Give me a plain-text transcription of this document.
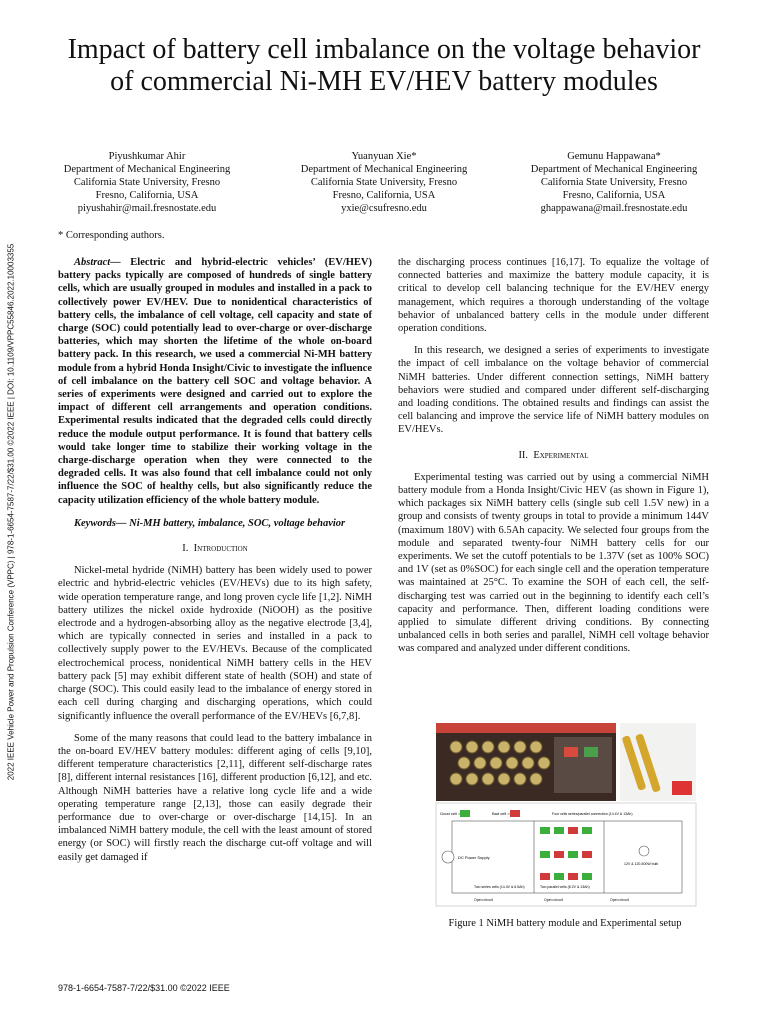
Impact of battery cell imbalance on the voltage behavior of commercial Ni-MH EV/HEV battery modules
Piyushkumar Ahir
Department of Mechanical Engineering
California State University, Fresno
Fresno, California, USA
piyushahir@mail.fresnostate.edu
Yuanyuan Xie*
Department of Mechanical Engineering
California State University, Fresno
Fresno, California, USA
yxie@csufresno.edu
Gemunu Happawana*
Department of Mechanical Engineering
California State University, Fresno
Fresno, California, USA
ghappawana@mail.fresnostate.edu
2022 IEEE Vehicle Power and Propulsion Conference (VPPC) | 978-1-6654-7587-7/22/$31.00 ©2022 IEEE | DOI: 10.1109/VPPC55846.2022.10003355
* Corresponding authors.

Abstract— Electric and hybrid-electric vehicles’ (EV/HEV) battery packs typically are composed of hundreds of single battery cells, which are usually grouped in modules and installed in a pack to collectively power EV/HEV. Due to nonidentical characteristics of battery cells, the imbalance of cell voltage, cell capacity and state of charge (SOC) could potentially lead to over-charge or over-discharge batteries, which may shorten the lifetime of the whole on-board battery pack. In this research, we used a commercial Ni-MH battery module from a hybrid Honda Insight/Civic to investigate the influence of cell imbalance on the battery cell SOC and voltage behavior. A series of experiments were designed and carried out to explore the impact of different cell arrangements and operation conditions. Experimental results indicated that the degraded cells could directly reduce the module output performance. It is found that battery cells would take longer time to stabilize their working voltage in the charge-discharge operation when they were connected to the degraded cells. It was also found that cell imbalance could not only influence the SOC of healthy cells, but also significantly reduce the capacity utilization efficiency of the whole battery module.

Keywords— Ni-MH battery, imbalance, SOC, voltage behavior

I. Introduction

Nickel-metal hydride (NiMH) battery has been widely used to power electric and hybrid-electric vehicles (EV/HEVs) due to its high safety, wide operation temperature range, and long proven cycle life [1,2]. NiMH battery utilizes the nickel oxide hydroxide (NiOOH) as the positive electrode and a hydrogen-absorbing alloy as the negative electrode [3,4], which are typically connected in series and installed in a pack to collectively supply power to the EV/HEVs. Because of the complicated electrochemical process, nonidentical NiMH battery cells in the HEV battery pack [5] may exhibit different state of health (SOH) and state of charge (SOC). This could easily lead to the imbalance of energy stored in each cell during charging and discharging operations, which could significantly influence the overall performance of the EV/HEVs [6,7,8].

Some of the many reasons that could lead to the battery imbalance in the on-board EV/HEV battery modules: different aging of cells [9,10], different temperature characteristics [2,11], different self-discharge rates [8], different internal resistances [16], different production [6,12], and etc. Although NiMH batteries have a relative long cycle life and a wide operating temperature range [2,13], those can easily degrade their performance due to over-charge or over-discharge [14,15]. In an imbalanced NiMH battery module, the cell with the least amount of stored energy (or SOC) will firstly reach the discharge cut-off voltage and will easily get damaged if

the discharging process continues [16,17]. To equalize the voltage of connected batteries and maximize the battery module capacity, it is critical to develop cell balancing technique for the EV/HEV energy management, which requires a thorough understanding of the voltage behavior of unbalanced battery cells in the module under different operation conditions.

In this research, we designed a series of experiments to investigate the impact of cell imbalance on the voltage behavior of commercial NiMH batteries. Under different connection settings, NiMH battery behaviors were studied and compared under different self-discharging and loading conditions. The obtained results and findings can assist the cell balancing and improve the service life of NiMH battery modules on EV/HEVs.

II. Experimental

Experimental testing was carried out by using a commercial NiMH battery module from a Honda Insight/Civic HEV (as shown in Figure 1), which packages six NiMH battery cells (single sub cell 1.5V new) in a group and consists of twenty groups in total to provide a minimum 144V (maximum 180V) with 6.5Ah capacity. We selected four groups from the module and separated twenty-four NiMH battery cells for our experiments. We set the cutoff potentials to be 1.37V (set as 100% SOC) and 1V (set as 0%SOC) for each single cell and the operation temperature was maintained at 25°C. To examine the SOH of each cell, the self-discharging test was carried out in the beginning to identify each cell’s capacity and performance. Then, different loading conditions were applied to simulate different driving conditions. By connecting unbalanced cells in both series and parallel, NiMH cell voltage behavior was compared and analyzed under different conditions.

Good cell =	Bad cell =	Four cells series/parallel connection (14.4V & 13Ah)
DC Power Supply
12V & 120-500W bulb
Two series cells (14.4V & 6.5Ah)	Two parallel cells (8.2V & 13Ah)
Open circuit	Open circuit	Open circuit
Figure 1 NiMH battery module and Experimental setup
978-1-6654-7587-7/22/$31.00 ©2022 IEEE
